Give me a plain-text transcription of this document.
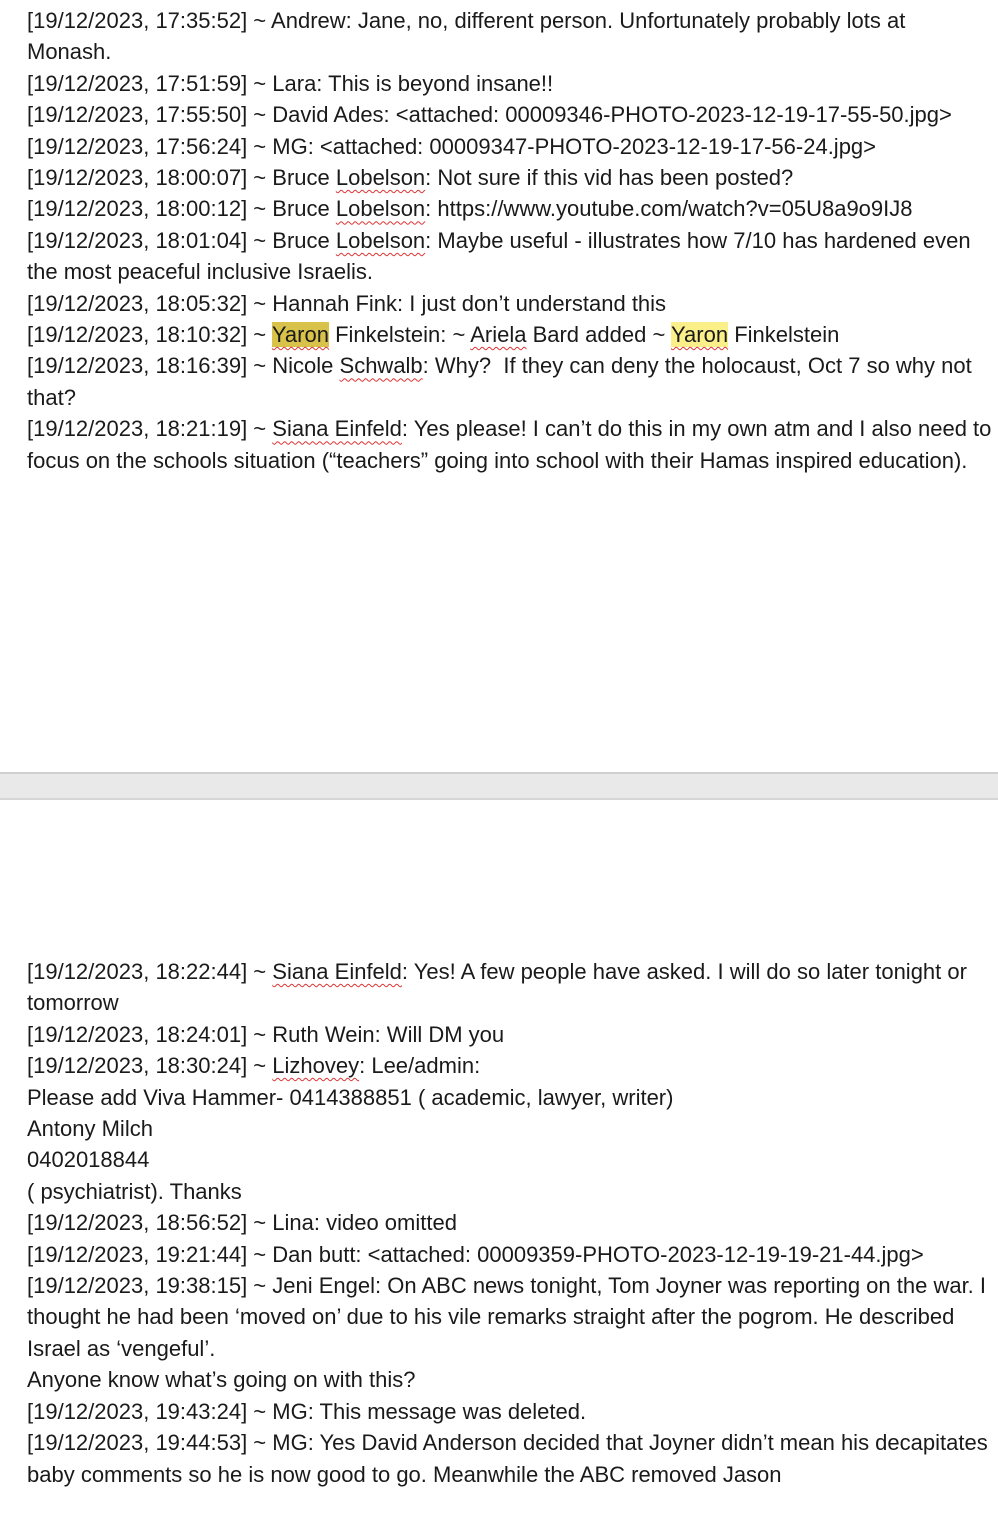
[19/12/2023, 17:35:52] ~ Andrew: Jane, no, different person. Unfortunately probably lots at Monash.

[19/12/2023, 17:51:59] ~ Lara: This is beyond insane!!

[19/12/2023, 17:55:50] ~ David Ades: <attached: 00009346-PHOTO-2023-12-19-17-55-50.jpg>

[19/12/2023, 17:56:24] ~ MG: <attached: 00009347-PHOTO-2023-12-19-17-56-24.jpg>

[19/12/2023, 18:00:07] ~ Bruce Lobelson: Not sure if this vid has been posted?

[19/12/2023, 18:00:12] ~ Bruce Lobelson: https://www.youtube.com/watch?v=05U8a9o9IJ8

[19/12/2023, 18:01:04] ~ Bruce Lobelson: Maybe useful - illustrates how 7/10 has hardened even the most peaceful inclusive Israelis.

[19/12/2023, 18:05:32] ~ Hannah Fink: I just don’t understand this

[19/12/2023, 18:10:32] ~ Yaron Finkelstein: ~ Ariela Bard added ~ Yaron Finkelstein

[19/12/2023, 18:16:39] ~ Nicole Schwalb: Why?  If they can deny the holocaust, Oct 7 so why not that?

[19/12/2023, 18:21:19] ~ Siana Einfeld: Yes please! I can’t do this in my own atm and I also need to focus on the schools situation (“teachers” going into school with their Hamas inspired education).

[19/12/2023, 18:22:44] ~ Siana Einfeld: Yes! A few people have asked. I will do so later tonight or tomorrow

[19/12/2023, 18:24:01] ~ Ruth Wein: Will DM you

[19/12/2023, 18:30:24] ~ Lizhovey: Lee/admin:

Please add Viva Hammer- 0414388851 ( academic, lawyer, writer)

Antony Milch

0402018844

( psychiatrist). Thanks

[19/12/2023, 18:56:52] ~ Lina: video omitted

[19/12/2023, 19:21:44] ~ Dan butt: <attached: 00009359-PHOTO-2023-12-19-19-21-44.jpg>

[19/12/2023, 19:38:15] ~ Jeni Engel: On ABC news tonight, Tom Joyner was reporting on the war. I thought he had been ‘moved on’ due to his vile remarks straight after the pogrom. He described Israel as ‘vengeful’.

Anyone know what’s going on with this?

[19/12/2023, 19:43:24] ~ MG: This message was deleted.

[19/12/2023, 19:44:53] ~ MG: Yes David Anderson decided that Joyner didn’t mean his decapitates baby comments so he is now good to go. Meanwhile the ABC removed Jason
